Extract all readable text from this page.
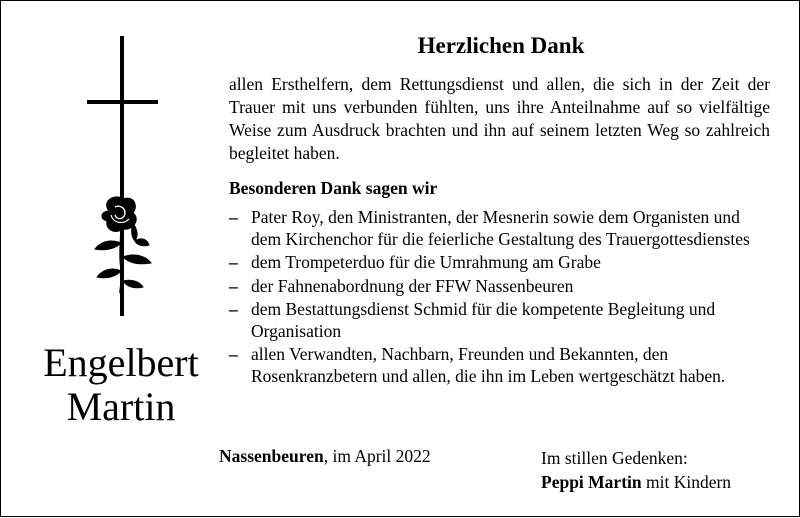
Engelbert
Martin
Herzlichen Dank
allen Ersthelfern, dem Rettungsdienst und allen, die sich in der Zeit der Trauer mit uns verbunden fühlten, uns ihre Anteilnahme auf so vielfältige Weise zum Ausdruck brachten und ihn auf seinem letzten Weg so zahlreich begleitet haben.
Besonderen Dank sagen wir
– Pater Roy, den Ministranten, der Mesnerin sowie dem Organisten und dem Kirchenchor für die feierliche Gestaltung des Trauergottesdienstes
– dem Trompeterduo für die Umrahmung am Grabe
– der Fahnenabordnung der FFW Nassenbeuren
– dem Bestattungsdienst Schmid für die kompetente Begleitung und Organisation
– allen Verwandten, Nachbarn, Freunden und Bekannten, den Rosenkranzbetern und allen, die ihn im Leben wertgeschätzt haben.
Nassenbeuren, im April 2022	Im stillen Gedenken:
Peppi Martin mit Kindern
